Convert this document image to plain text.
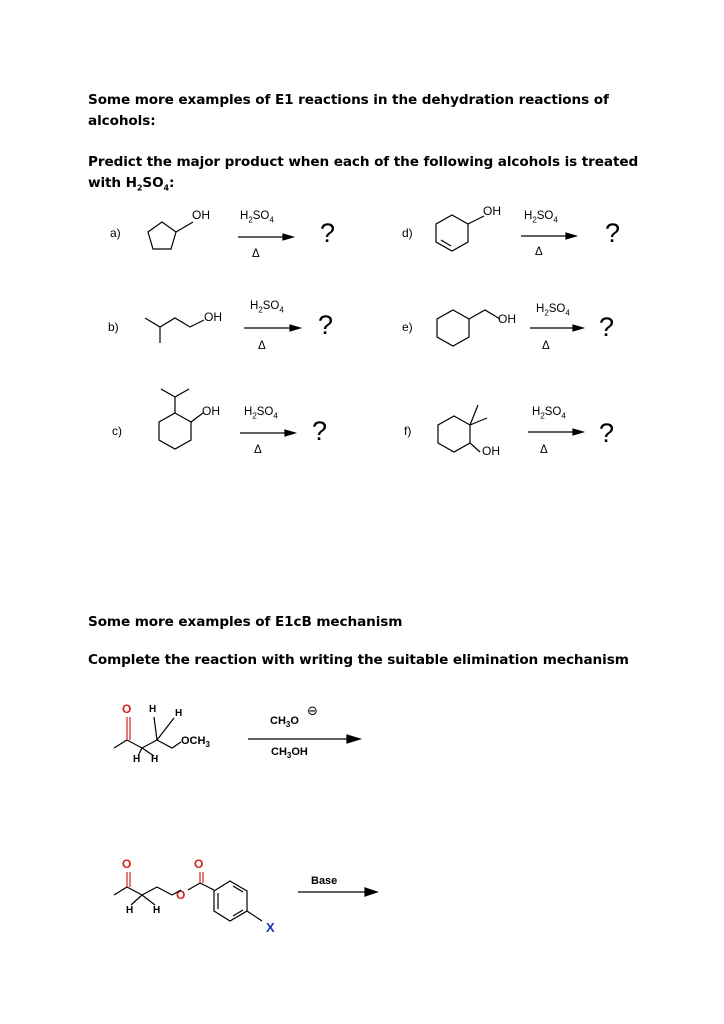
Some more examples of E1 reactions in the dehydration reactions of
alcohols:
Predict the major product when each of the following alcohols is treated
with $H_2SO_4$:
Some more examples of E1cB mechanism
Complete the reaction with writing the suitable elimination mechanism
a)
b)
c)
d)
e)
f)
OH
OH
OH
OH
OH
OH
$H_2SO_4$
$H_2SO_4$
$H_2SO_4$
$H_2SO_4$
$H_2SO_4$
$H_2SO_4$
Δ
Δ
Δ
Δ
Δ
Δ
?
?
?
?
?
?
O H H
H H
$OCH_3$
$CH_3O$
⊖
$CH_3OH$
O	O
O
H H
X
Base
